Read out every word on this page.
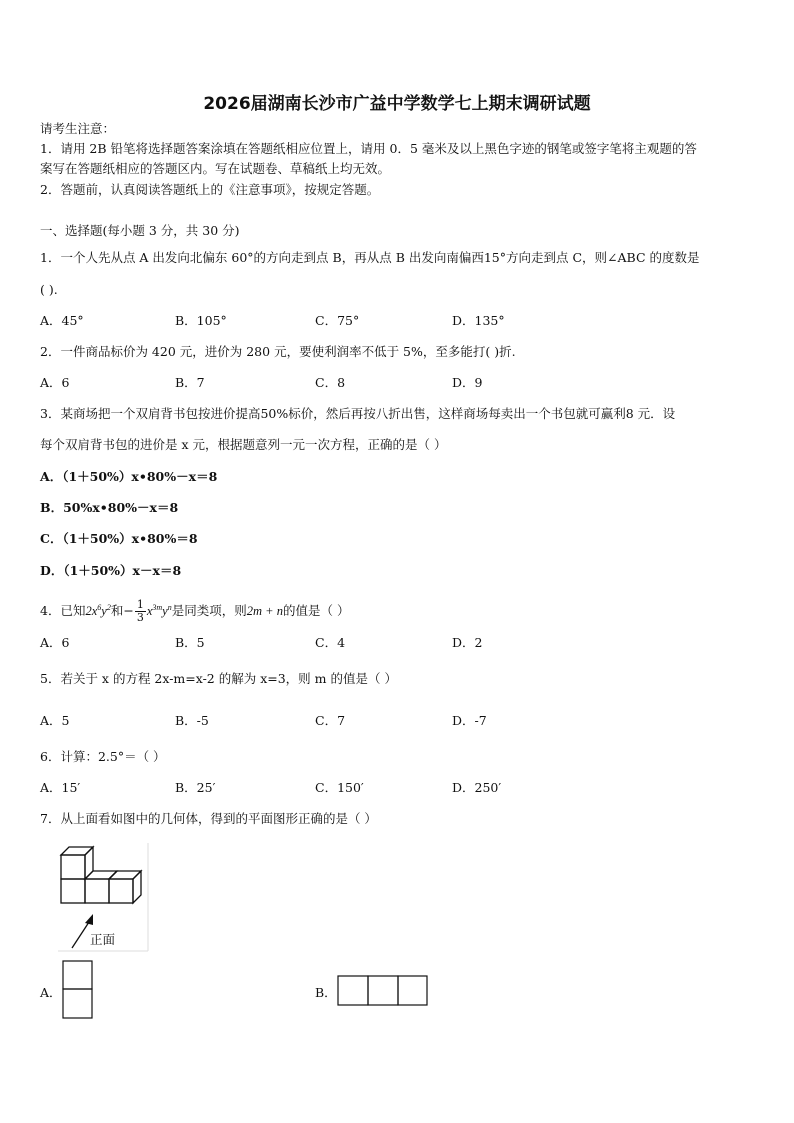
2026届湖南长沙市广益中学数学七上期末调研试题
请考生注意：
1．请用 2B 铅笔将选择题答案涂填在答题纸相应位置上，请用 0．5 毫米及以上黑色字迹的钢笔或签字笔将主观题的答
案写在答题纸相应的答题区内。写在试题卷、草稿纸上均无效。
2．答题前，认真阅读答题纸上的《注意事项》，按规定答题。
一、选择题(每小题 3 分，共 30 分)
1．一个人先从点 A 出发向北偏东 60°的方向走到点 B，再从点 B 出发向南偏西15°方向走到点 C，则∠ABC 的度数是
( ).
A．45°	B．105°	C．75°	D．135°
2．一件商品标价为 420 元，进价为 280 元，要使利润率不低于 5%，至多能打( )折.
A．6	B．7	C．8	D．9
3．某商场把一个双肩背书包按进价提高50%标价，然后再按八折出售，这样商场每卖出一个书包就可赢利8 元．设
每个双肩背书包的进价是 x 元，根据题意列一元一次方程，正确的是（ ）
A．（1＋50%）x•80%－x＝8
B．50%x•80%－x＝8
C．（1＋50%）x•80%＝8
D．（1＋50%）x－x＝8
4．已知$2x^6y^2$和− $\frac{1}{3} x^{3m}y^n$是同类项，则2m + n的值是（ ）
A．6	B．5	C．4	D．2
5．若关于 x 的方程 2x-m=x-2 的解为 x=3，则 m 的值是（ ）
A．5	B．-5	C．7	D．-7
6．计算：2.5°＝（ ）
A．15′	B．25′	C．150′	D．250′
7．从上面看如图中的几何体，得到的平面图形正确的是（ ）
正面
A．	B．
